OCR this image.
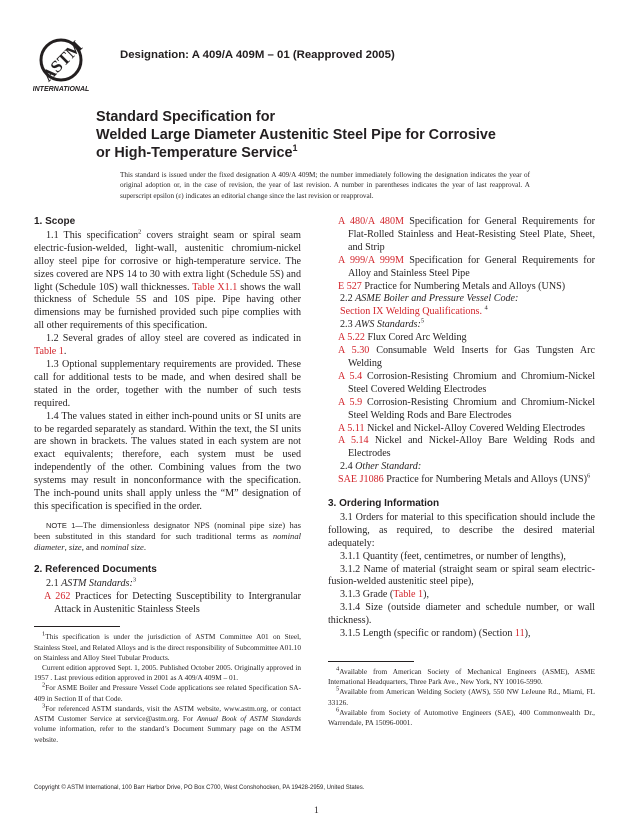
ASTM
INTERNATIONAL
Designation: A 409/A 409M – 01 (Reapproved 2005)
Standard Specification for
Welded Large Diameter Austenitic Steel Pipe for Corrosive
or High-Temperature Service$^1$
This standard is issued under the fixed designation A 409/A 409M; the number immediately following the designation indicates the year of original adoption or, in the case of revision, the year of last revision. A number in parentheses indicates the year of last reapproval. A superscript epsilon (ε) indicates an editorial change since the last revision or reapproval.
1. Scope

1.1 This specification$^2$ covers straight seam or spiral seam electric-fusion-welded, light-wall, austenitic chromium-nickel alloy steel pipe for corrosive or high-temperature service. The sizes covered are NPS 14 to 30 with extra light (Schedule 5S) and light (Schedule 10S) wall thicknesses. Table X1.1 shows the wall thickness of Schedule 5S and 10S pipe. Pipe having other dimensions may be furnished provided such pipe complies with all other requirements of this specification.

1.2 Several grades of alloy steel are covered as indicated in Table 1.

1.3 Optional supplementary requirements are provided. These call for additional tests to be made, and when desired shall be stated in the order, together with the number of such tests required.

1.4 The values stated in either inch-pound units or SI units are to be regarded separately as standard. Within the text, the SI units are shown in brackets. The values stated in each system are not exact equivalents; therefore, each system must be used independently of the other. Combining values from the two systems may result in nonconformance with the specification. The inch-pound units shall apply unless the “M” designation of this specification is specified in the order.

NOTE 1—The dimensionless designator NPS (nominal pipe size) has been substituted in this standard for such traditional terms as nominal diameter, size, and nominal size.

2. Referenced Documents

2.1 ASTM Standards:$^3$

A 262 Practices for Detecting Susceptibility to Intergranular Attack in Austenitic Stainless Steels

$^1$This specification is under the jurisdiction of ASTM Committee A01 on Steel, Stainless Steel, and Related Alloys and is the direct responsibility of Subcommittee A01.10 on Stainless and Alloy Steel Tubular Products.

Current edition approved Sept. 1, 2005. Published October 2005. Originally approved in 1957 . Last previous edition approved in 2001 as A 409/A 409M – 01.

$^2$For ASME Boiler and Pressure Vessel Code applications see related Specification SA-409 in Section II of that Code.

$^3$For referenced ASTM standards, visit the ASTM website, www.astm.org, or contact ASTM Customer Service at service@astm.org. For Annual Book of ASTM Standards volume information, refer to the standard’s Document Summary page on the ASTM website.

A 480/A 480M Specification for General Requirements for Flat-Rolled Stainless and Heat-Resisting Steel Plate, Sheet, and Strip

A 999/A 999M Specification for General Requirements for Alloy and Stainless Steel Pipe

E 527 Practice for Numbering Metals and Alloys (UNS)

2.2 ASME Boiler and Pressure Vessel Code:

Section IX Welding Qualifications. $^4$

2.3 AWS Standards:$^5$

A 5.22 Flux Cored Arc Welding

A 5.30 Consumable Weld Inserts for Gas Tungsten Arc Welding

A 5.4 Corrosion-Resisting Chromium and Chromium-Nickel Steel Covered Welding Electrodes

A 5.9 Corrosion-Resisting Chromium and Chromium-Nickel Steel Welding Rods and Bare Electrodes

A 5.11 Nickel and Nickel-Alloy Covered Welding Electrodes

A 5.14 Nickel and Nickel-Alloy Bare Welding Rods and Electrodes

2.4 Other Standard:

SAE J1086 Practice for Numbering Metals and Alloys (UNS)$^6$

3. Ordering Information

3.1 Orders for material to this specification should include the following, as required, to describe the desired material adequately:

3.1.1 Quantity (feet, centimetres, or number of lengths),

3.1.2 Name of material (straight seam or spiral seam electric-fusion-welded austenitic steel pipe),

3.1.3 Grade (Table 1),

3.1.4 Size (outside diameter and schedule number, or wall thickness).

3.1.5 Length (specific or random) (Section 11),

$^4$Available from American Society of Mechanical Engineers (ASME), ASME International Headquarters, Three Park Ave., New York, NY 10016-5990.

$^5$Available from American Welding Society (AWS), 550 NW LeJeune Rd., Miami, FL 33126.

$^6$Available from Society of Automotive Engineers (SAE), 400 Commonwealth Dr., Warrendale, PA 15096-0001.

Copyright © ASTM International, 100 Barr Harbor Drive, PO Box C700, West Conshohocken, PA 19428-2959, United States.
1
